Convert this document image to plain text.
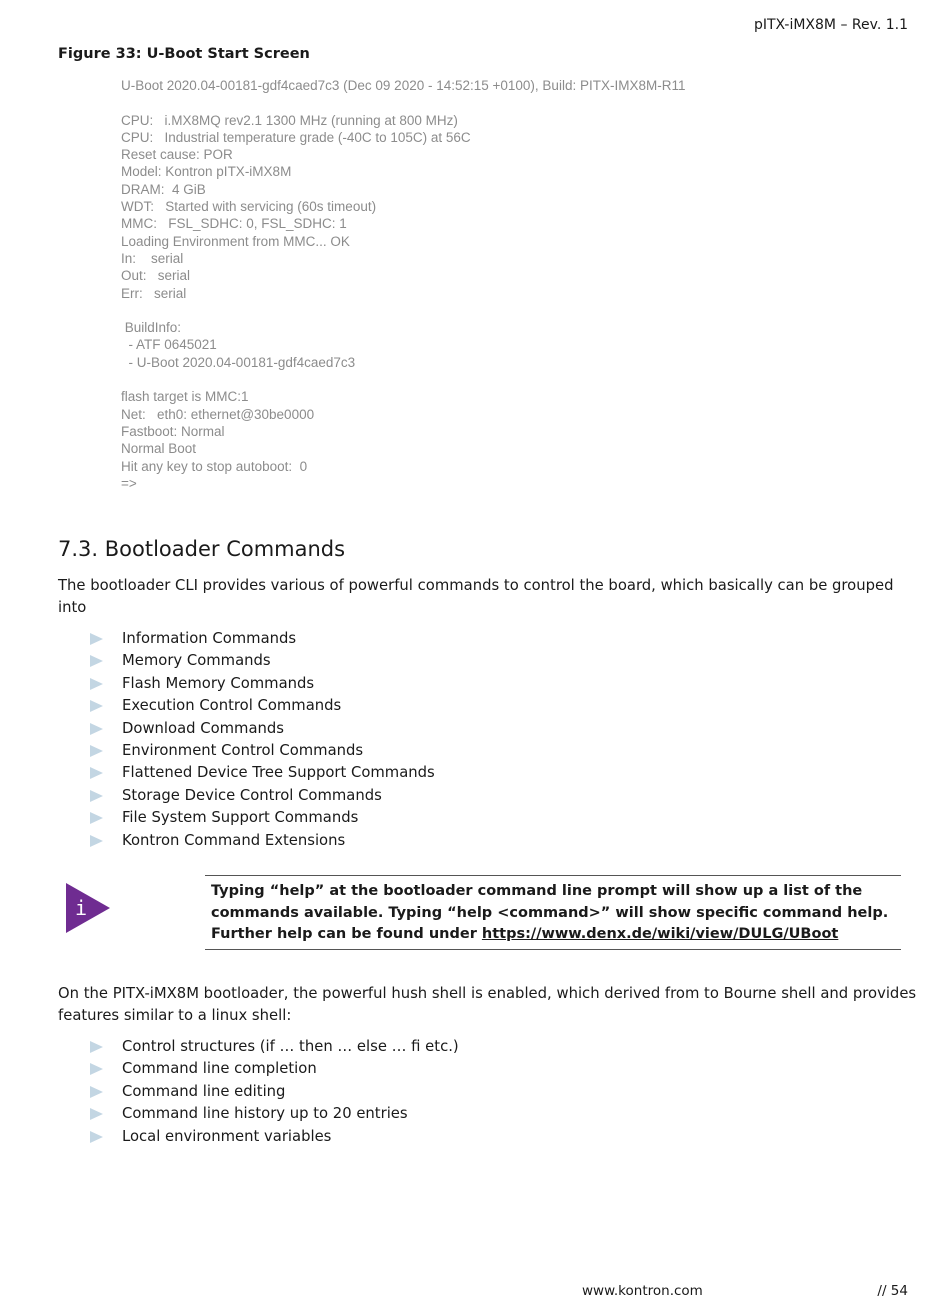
pITX-iMX8M – Rev. 1.1
Figure 33: U-Boot Start Screen
U-Boot 2020.04-00181-gdf4caed7c3 (Dec 09 2020 - 14:52:15 +0100), Build: PITX-IMX8M-R11
CPU:   i.MX8MQ rev2.1 1300 MHz (running at 800 MHz)
CPU:   Industrial temperature grade (-40C to 105C) at 56C
Reset cause: POR
Model: Kontron pITX-iMX8M
DRAM:  4 GiB
WDT:   Started with servicing (60s timeout)
MMC:   FSL_SDHC: 0, FSL_SDHC: 1
Loading Environment from MMC... OK
In:    serial
Out:   serial
Err:   serial
BuildInfo:
- ATF 0645021
- U-Boot 2020.04-00181-gdf4caed7c3
flash target is MMC:1
Net:   eth0: ethernet@30be0000
Fastboot: Normal
Normal Boot
Hit any key to stop autoboot:  0
=>
7.3. Bootloader Commands

The bootloader CLI provides various of powerful commands to control the board, which basically can be grouped into

Information Commands
Memory Commands
Flash Memory Commands
Execution Control Commands
Download Commands
Environment Control Commands
Flattened Device Tree Support Commands
Storage Device Control Commands
File System Support Commands
Kontron Command Extensions
i

Typing “help” at the bootloader command line prompt will show up a list of the commands available. Typing “help <command>” will show specific command help. Further help can be found under https://www.denx.de/wiki/view/DULG/UBoot

On the PITX-iMX8M bootloader, the powerful hush shell is enabled, which derived from to Bourne shell and provides features similar to a linux shell:

Control structures (if … then … else … fi etc.)
Command line completion
Command line editing
Command line history up to 20 entries
Local environment variables
www.kontron.com	// 54
